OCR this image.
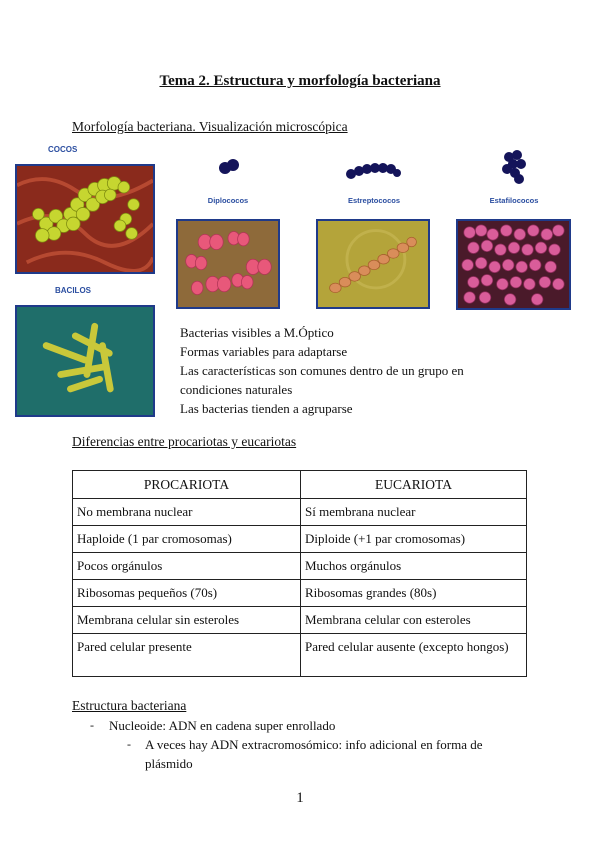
Tema 2. Estructura y morfología bacteriana
Morfología bacteriana. Visualización microscópica
COCOS
Diplococos	Estreptococos	Estafilococos
BACILOS
Bacterias visibles a M.Óptico
Formas variables para adaptarse
Las características son comunes dentro de un grupo en
condiciones naturales
Las bacterias tienden a agruparse
Diferencias entre procariotas y eucariotas
PROCARIOTA	EUCARIOTA
No membrana nuclear	Sí membrana nuclear
Haploide (1 par cromosomas)	Diploide (+1 par cromosomas)
Pocos orgánulos	Muchos orgánulos
Ribosomas pequeños (70s)	Ribosomas grandes (80s)
Membrana celular sin esteroles	Membrana celular con esteroles
Pared celular presente	Pared celular ausente (excepto hongos)
Estructura bacteriana
- Nucleoide: ADN en cadena super enrollado
- A veces hay ADN extracromosómico: info adicional en forma de
plásmido
1
